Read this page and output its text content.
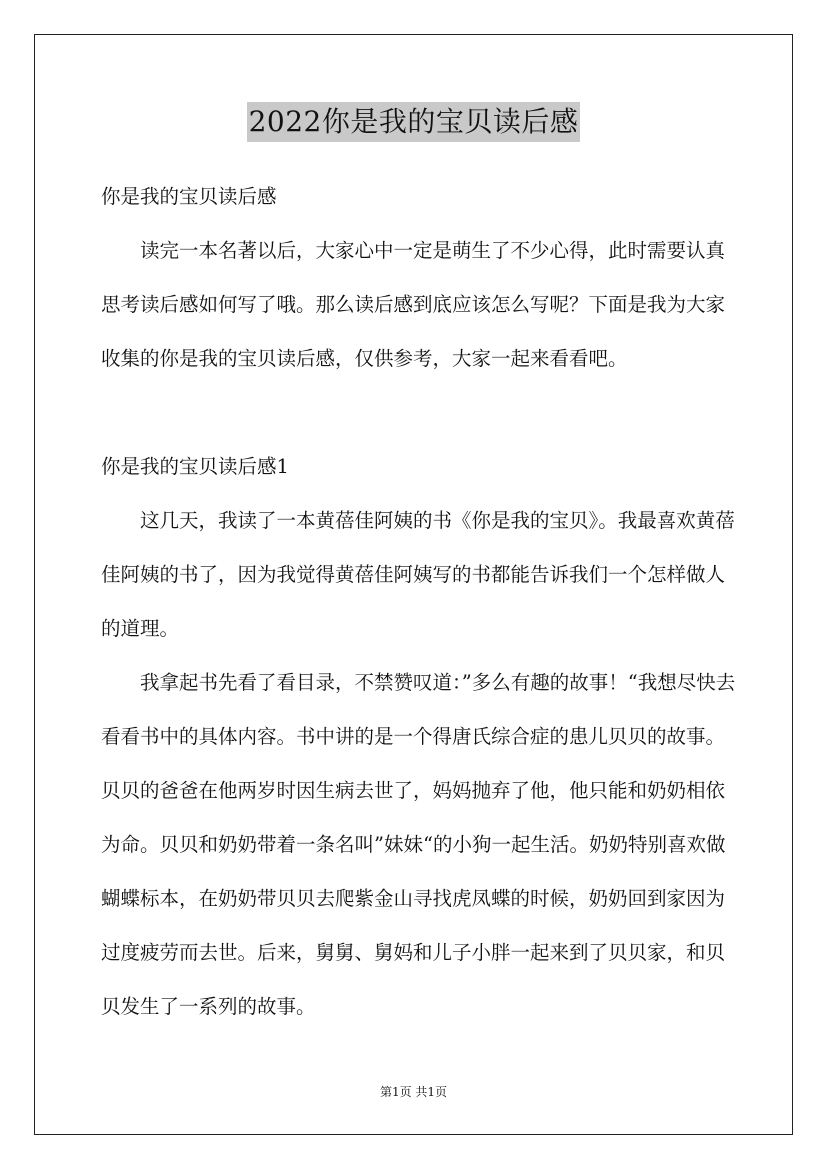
2022你是我的宝贝读后感

你是我的宝贝读后感

读完一本名著以后，大家心中一定是萌生了不少心得，此时需要认真思考读后感如何写了哦。那么读后感到底应该怎么写呢？下面是我为大家收集的你是我的宝贝读后感，仅供参考，大家一起来看看吧。

你是我的宝贝读后感1

这几天，我读了一本黄蓓佳阿姨的书《你是我的宝贝》。我最喜欢黄蓓佳阿姨的书了，因为我觉得黄蓓佳阿姨写的书都能告诉我们一个怎样做人的道理。

我拿起书先看了看目录，不禁赞叹道：”多么有趣的故事！“我想尽快去看看书中的具体内容。书中讲的是一个得唐氏综合症的患儿贝贝的故事。贝贝的爸爸在他两岁时因生病去世了，妈妈抛弃了他，他只能和奶奶相依为命。贝贝和奶奶带着一条名叫”妹妹“的小狗一起生活。奶奶特别喜欢做蝴蝶标本，在奶奶带贝贝去爬紫金山寻找虎凤蝶的时候，奶奶回到家因为过度疲劳而去世。后来，舅舅、舅妈和儿子小胖一起来到了贝贝家，和贝贝发生了一系列的故事。

第1页 共1页
